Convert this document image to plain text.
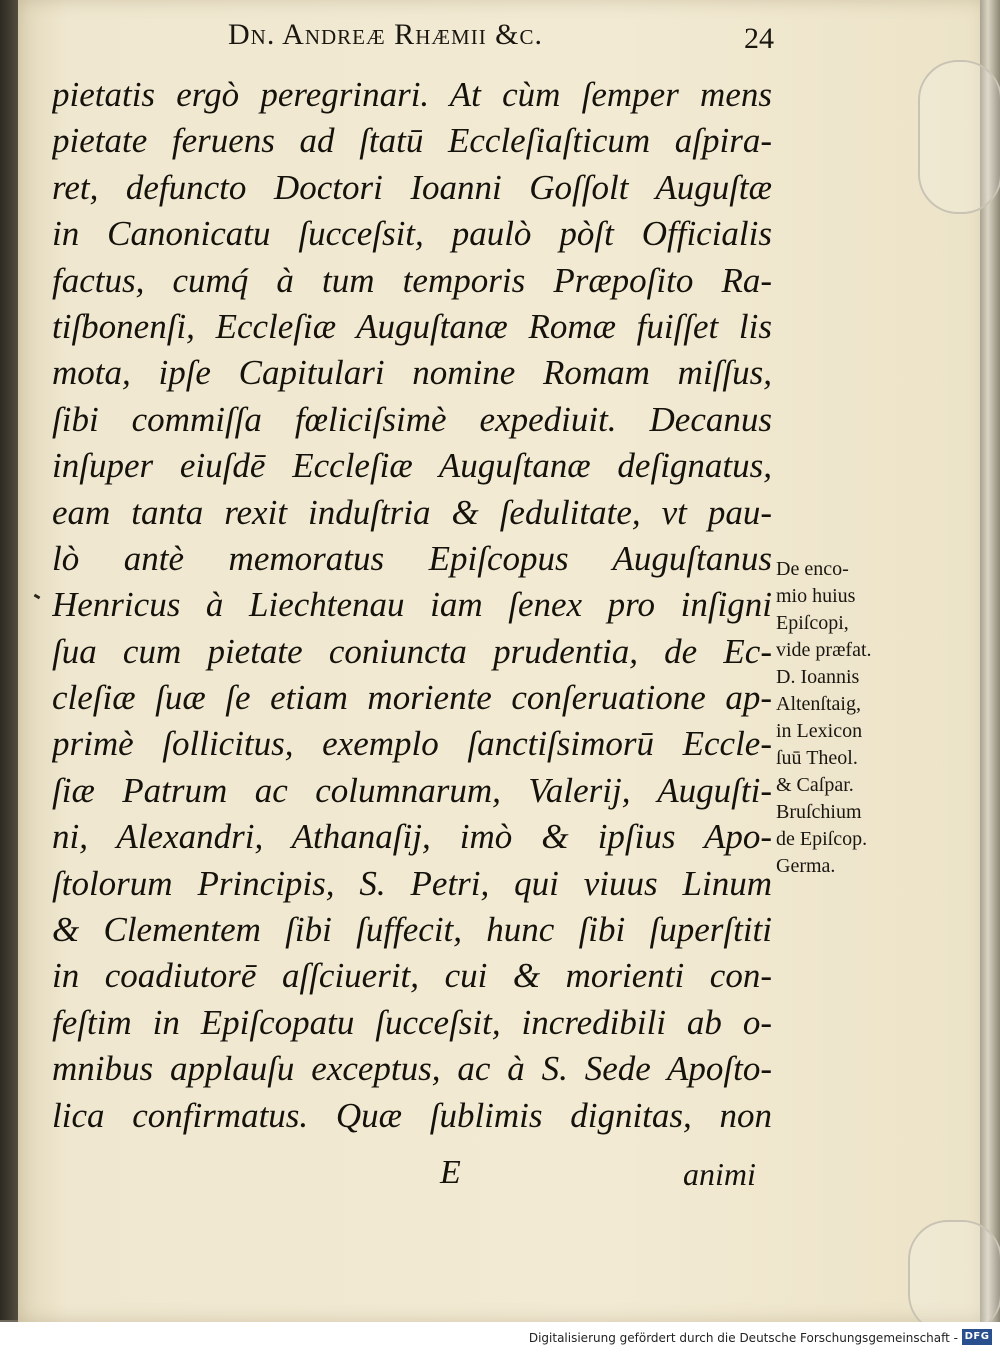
Dn. Andreæ Rhæmii &c.	24
pietatis ergò peregrinari. At cùm ſemper mens
pietate feruens ad ſtatū Eccleſiaſticum aſpira-
ret, defuncto Doctori Ioanni Goſſolt Auguſtæ
in Canonicatu ſucceſsit, paulò pòſt Officialis
factus, cumq́ à tum temporis Præpoſito Ra-
tiſbonenſi, Eccleſiæ Auguſtanæ Romæ fuiſſet lis
mota, ipſe Capitulari nomine Romam miſſus,
ſibi commiſſa fœliciſsimè expediuit. Decanus
inſuper eiuſdē Eccleſiæ Auguſtanæ deſignatus,
eam tanta rexit induſtria & ſedulitate, vt pau-
lò antè memoratus Epiſcopus Auguſtanus
Henricus à Liechtenau iam ſenex pro inſigni
ſua cum pietate coniuncta prudentia, de Ec-
cleſiæ ſuæ ſe etiam moriente conſeruatione ap-
primè ſollicitus, exemplo ſanctiſsimorū Eccle-
ſiæ Patrum ac columnarum, Valerij, Auguſti-
ni, Alexandri, Athanaſij, imò & ipſius Apo-
ſtolorum Principis, S. Petri, qui viuus Linum
& Clementem ſibi ſuffecit, hunc ſibi ſuperſtiti
in coadiutorē aſſciuerit, cui & morienti con-
feſtim in Epiſcopatu ſucceſsit, incredibili ab o-
mnibus applauſu exceptus, ac à S. Sede Apoſto-
lica confirmatus. Quæ ſublimis dignitas, non
E	animi
De enco-
mio huius
Epiſcopi,
vide præfat.
D. Ioannis
Altenſtaig,
in Lexicon
ſuū Theol.
& Caſpar.
Bruſchium
de Epiſcop.
Germa.
Digitalisierung gefördert durch die Deutsche Forschungsgemeinschaft - DFG
